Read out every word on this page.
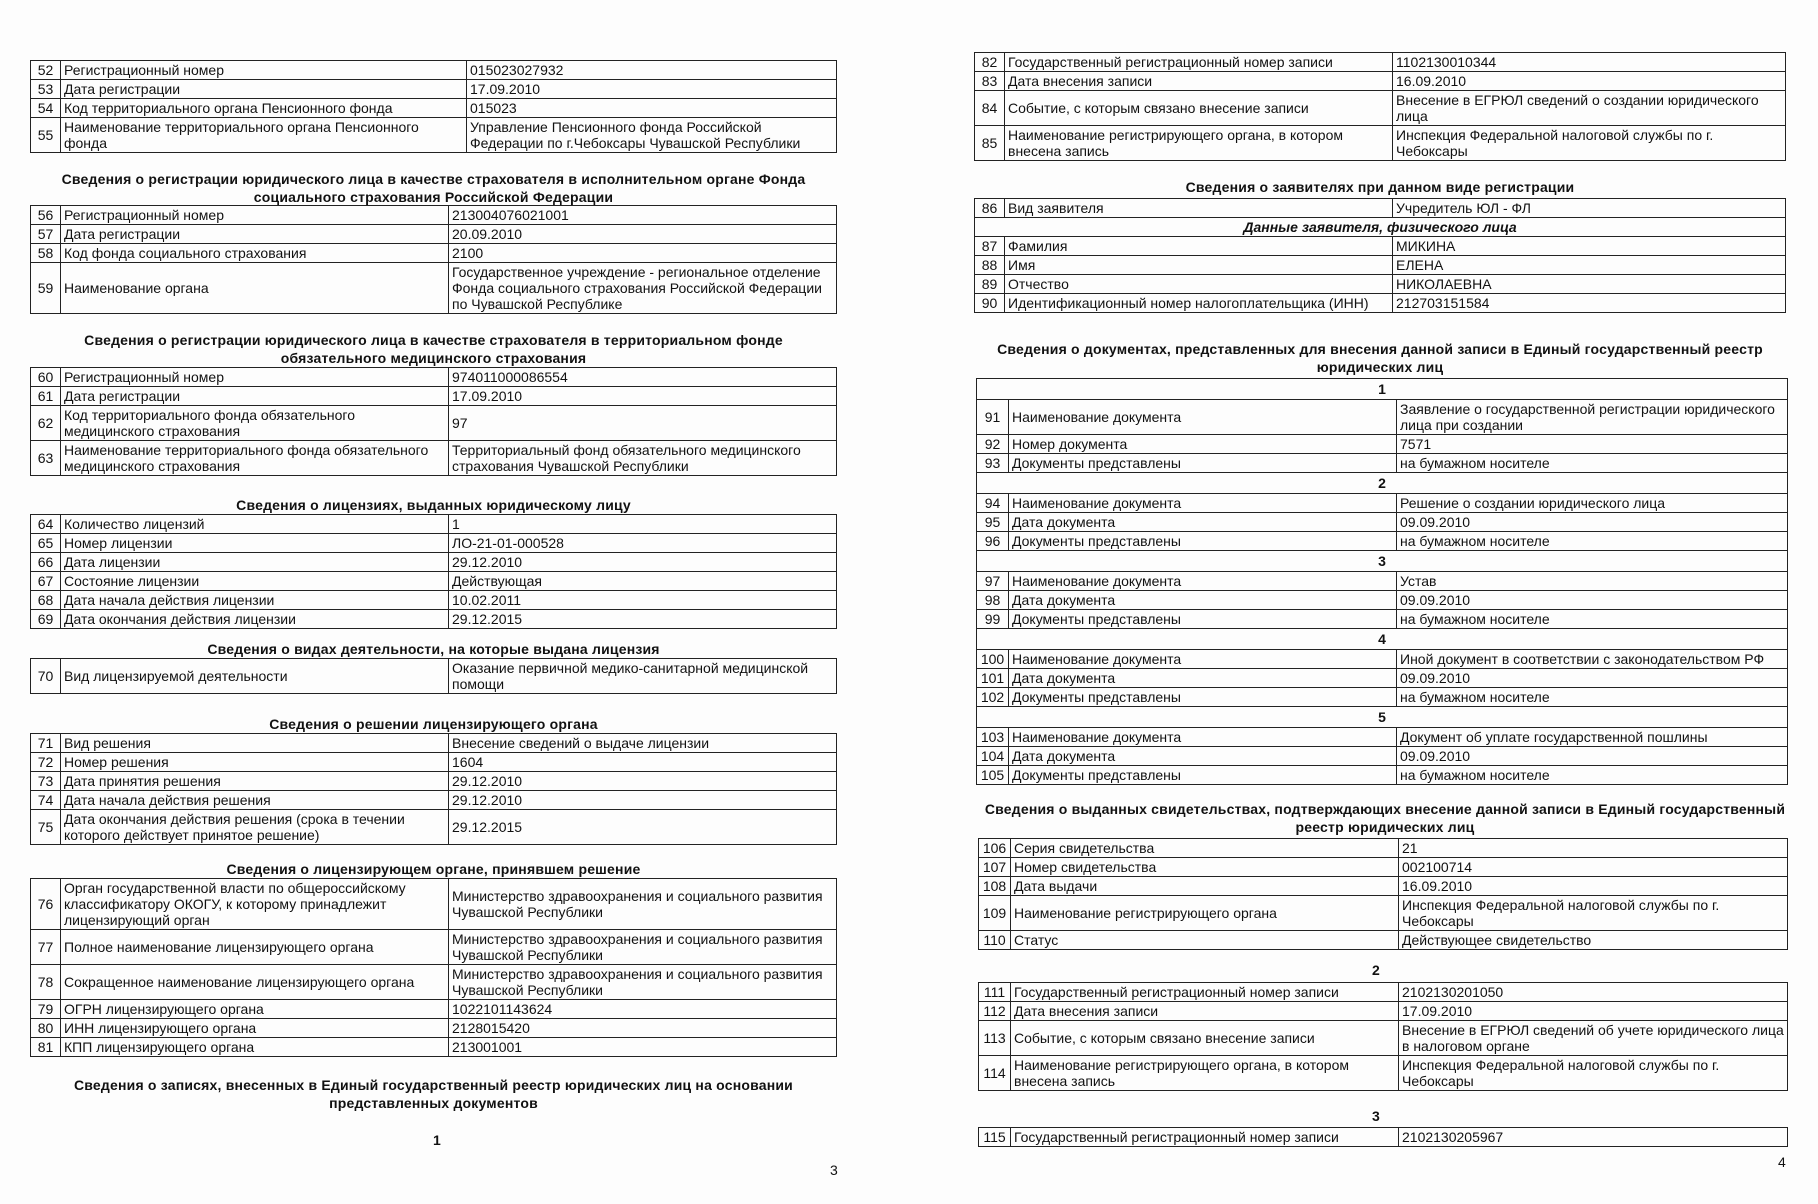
52	Регистрационный номер	015023027932
53	Дата регистрации	17.09.2010
54	Код территориального органа Пенсионного фонда	015023
55	Наименование территориального органа Пенсионного фонда	Управление Пенсионного фонда Российской Федерации по г.Чебоксары Чувашской Республики
Сведения о регистрации юридического лица в качестве страхователя в исполнительном органе Фонда социального страхования Российской Федерации
56	Регистрационный номер	213004076021001
57	Дата регистрации	20.09.2010
58	Код фонда социального страхования	2100
59	Наименование органа	Государственное учреждение - региональное отделение Фонда социального страхования Российской Федерации по Чувашской Республике
Сведения о регистрации юридического лица в качестве страхователя в территориальном фонде обязательного медицинского страхования
60	Регистрационный номер	974011000086554
61	Дата регистрации	17.09.2010
62	Код территориального фонда обязательного медицинского страхования	97
63	Наименование территориального фонда обязательного медицинского страхования	Территориальный фонд обязательного медицинского страхования Чувашской Республики
Сведения о лицензиях, выданных юридическому лицу
64	Количество лицензий	1
65	Номер лицензии	ЛО-21-01-000528
66	Дата лицензии	29.12.2010
67	Состояние лицензии	Действующая
68	Дата начала действия лицензии	10.02.2011
69	Дата окончания действия лицензии	29.12.2015
Сведения о видах деятельности, на которые выдана лицензия
70	Вид лицензируемой деятельности	Оказание первичной медико-санитарной медицинской помощи
Сведения о решении лицензирующего органа
71	Вид решения	Внесение сведений о выдаче лицензии
72	Номер решения	1604
73	Дата принятия решения	29.12.2010
74	Дата начала действия решения	29.12.2010
75	Дата окончания действия решения (срока в течении которого действует принятое решение)	29.12.2015
Сведения о лицензирующем органе, принявшем решение
76	Орган государственной власти по общероссийскому классификатору ОКОГУ, к которому принадлежит лицензирующий орган	Министерство здравоохранения и социального развития Чувашской Республики
77	Полное наименование лицензирующего органа	Министерство здравоохранения и социального развития Чувашской Республики
78	Сокращенное наименование лицензирующего органа	Министерство здравоохранения и социального развития Чувашской Республики
79	ОГРН лицензирующего органа	1022101143624
80	ИНН лицензирующего органа	2128015420
81	КПП лицензирующего органа	213001001
Сведения о записях, внесенных в Единый государственный реестр юридических лиц на основании представленных документов
1
3
82	Государственный регистрационный номер записи	1102130010344
83	Дата внесения записи	16.09.2010
84	Событие, с которым связано внесение записи	Внесение в ЕГРЮЛ сведений о создании юридического лица
85	Наименование регистрирующего органа, в котором внесена запись	Инспекция Федеральной налоговой службы по г. Чебоксары
Сведения о заявителях при данном виде регистрации
86	Вид заявителя	Учредитель ЮЛ - ФЛ
Данные заявителя, физического лица
87	Фамилия	МИКИНА
88	Имя	ЕЛЕНА
89	Отчество	НИКОЛАЕВНА
90	Идентификационный номер налогоплательщика (ИНН)	212703151584
Сведения о документах, представленных для внесения данной записи в Единый государственный реестр юридических лиц
1		
91	Наименование документа	Заявление о государственной регистрации юридического лица при создании
92	Номер документа	7571
93	Документы представлены	на бумажном носителе
2		
94	Наименование документа	Решение о создании юридического лица
95	Дата документа	09.09.2010
96	Документы представлены	на бумажном носителе
3		
97	Наименование документа	Устав
98	Дата документа	09.09.2010
99	Документы представлены	на бумажном носителе
4		
100	Наименование документа	Иной документ в соответствии с законодательством РФ
101	Дата документа	09.09.2010
102	Документы представлены	на бумажном носителе
5		
103	Наименование документа	Документ об уплате государственной пошлины
104	Дата документа	09.09.2010
105	Документы представлены	на бумажном носителе
Сведения о выданных свидетельствах, подтверждающих внесение данной записи в Единый государственный реестр юридических лиц
106	Серия свидетельства	21
107	Номер свидетельства	002100714
108	Дата выдачи	16.09.2010
109	Наименование регистрирующего органа	Инспекция Федеральной налоговой службы по г. Чебоксары
110	Статус	Действующее свидетельство
2
111	Государственный регистрационный номер записи	2102130201050
112	Дата внесения записи	17.09.2010
113	Событие, с которым связано внесение записи	Внесение в ЕГРЮЛ сведений об учете юридического лица в налоговом органе
114	Наименование регистрирующего органа, в котором внесена запись	Инспекция Федеральной налоговой службы по г. Чебоксары
3
115	Государственный регистрационный номер записи	2102130205967
4
